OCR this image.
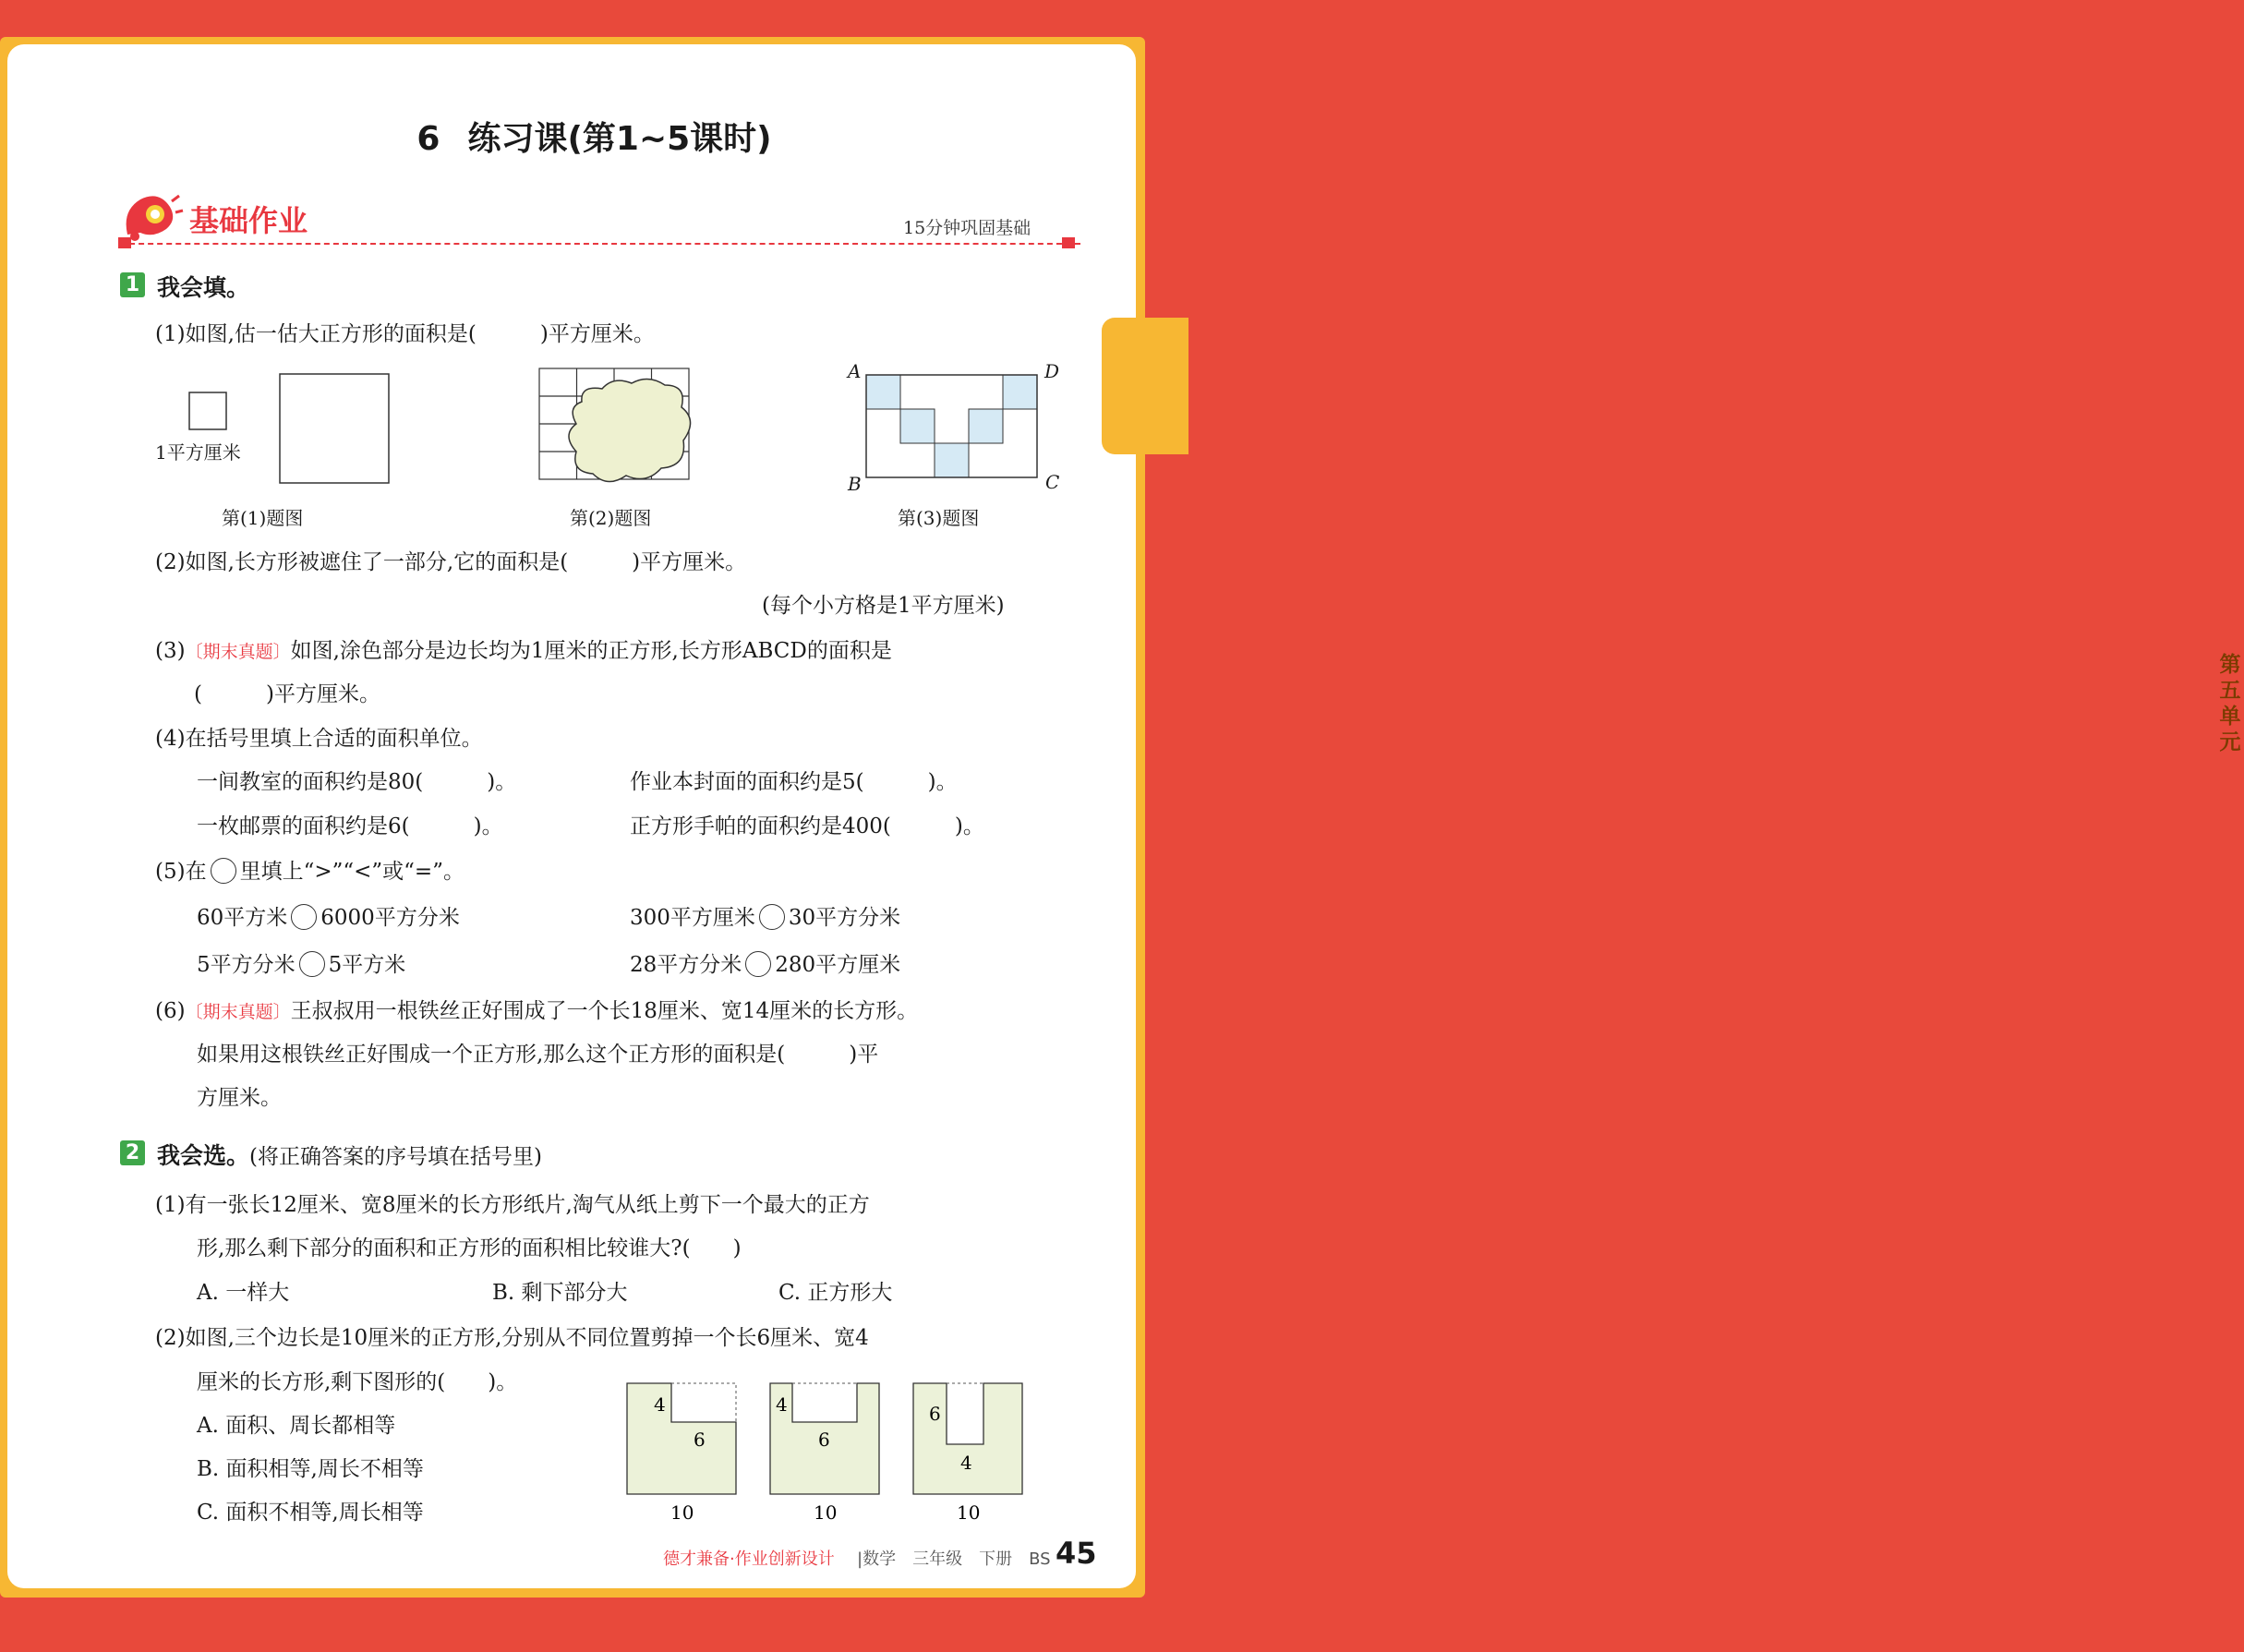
第五单元
6 练习课(第1~5课时)
基础作业	15分钟巩固基础
1 我会填。
(1)如图,估一估大正方形的面积是(　　　)平方厘米。
1平方厘米
第(1)题图	第(2)题图
A	D
B	C
第(3)题图
(2)如图,长方形被遮住了一部分,它的面积是(　　　)平方厘米。
(每个小方格是1平方厘米)
(3)〔期末真题〕如图,涂色部分是边长均为1厘米的正方形,长方形ABCD的面积是
(　　　)平方厘米。
(4)在括号里填上合适的面积单位。
一间教室的面积约是80(　　　)。	作业本封面的面积约是5(　　　)。
一枚邮票的面积约是6(　　　)。	正方形手帕的面积约是400(　　　)。
(5)在 里填上“>”“<”或“=”。
60平方米 6000平方分米	300平方厘米 30平方分米
5平方分米 5平方米	28平方分米 280平方厘米
(6)〔期末真题〕王叔叔用一根铁丝正好围成了一个长18厘米、宽14厘米的长方形。
如果用这根铁丝正好围成一个正方形,那么这个正方形的面积是(　　　)平
方厘米。
2 我会选。(将正确答案的序号填在括号里)
(1)有一张长12厘米、宽8厘米的长方形纸片,淘气从纸上剪下一个最大的正方
形,那么剩下部分的面积和正方形的面积相比较谁大?(　　)
A. 一样大	B. 剩下部分大	C. 正方形大
(2)如图,三个边长是10厘米的正方形,分别从不同位置剪掉一个长6厘米、宽4
厘米的长方形,剩下图形的(　　)。
A. 面积、周长都相等
B. 面积相等,周长不相等
C. 面积不相等,周长相等
4
6
10
4
6
10
6
4
10
德才兼备·作业创新设计 |数学　三年级　下册　BS 45
